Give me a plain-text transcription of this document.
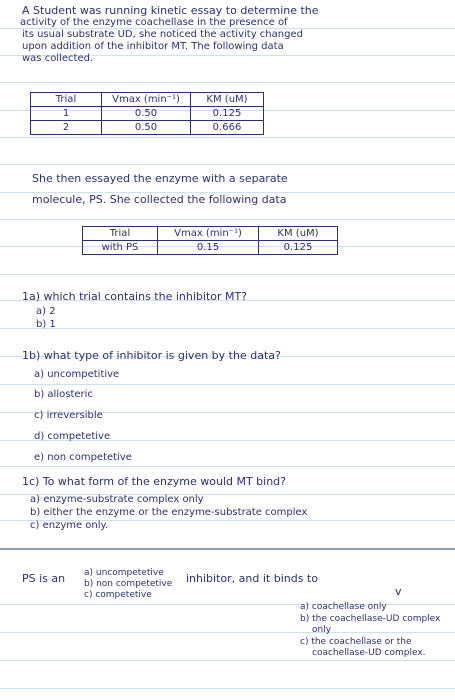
A Student was running kinetic essay to determine the
activity of the enzyme coachellase in the presence of
its usual substrate UD, she noticed the activity changed
upon addition of the inhibitor MT. The following data
was collected.
Trial	Vmax (min⁻¹)	KM (uM)
1	0.50	0.125
2	0.50	0.666
She then essayed the enzyme with a separate
molecule, PS. She collected the following data
Trial	Vmax (min⁻¹)	KM (uM)
with PS	0.15	0.125
1a) which trial contains the inhibitor MT?
a) 2
b) 1
1b) what type of inhibitor is given by the data?
a) uncompetitive
b) allosteric
c) irreversible
d) competetive
e) non competetive
1c) To what form of the enzyme would MT bind?
a) enzyme-substrate complex only
b) either the enzyme or the enzyme-substrate complex
c) enzyme only.
PS is an a) uncompetetive
b) non competetive
c) competetive
inhibitor, and it binds to
v
a) coachellase only
b) the coachellase-UD complex
only
c) the coachellase or the
coachellase-UD complex.
